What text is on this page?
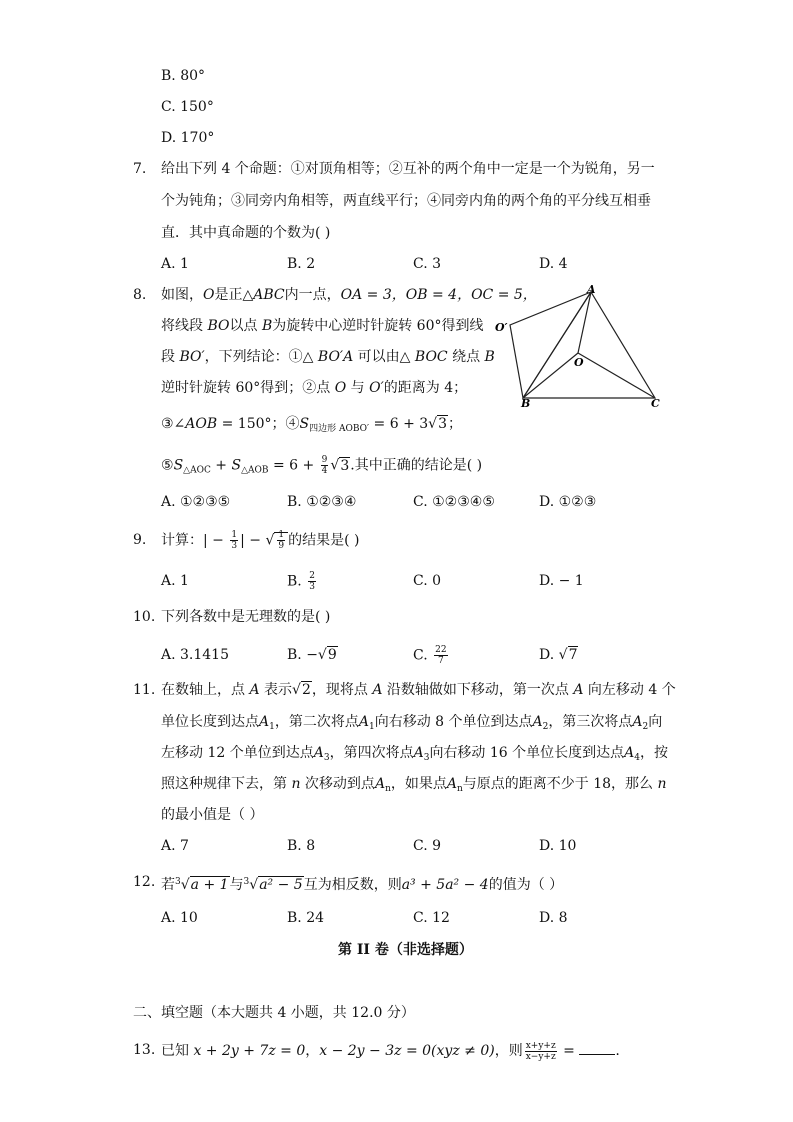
B. 80°
C. 150°
D. 170°
7. 给出下列 4 个命题：①对顶角相等；②互补的两个角中一定是一个为锐角，另一
个为钝角；③同旁内角相等，两直线平行；④同旁内角的两个角的平分线互相垂
直．其中真命题的个数为( )
A. 1	B. 2	C. 3	D. 4
8. 如图，O是正△ABC内一点，OA = 3，OB = 4，OC = 5，
将线段 BO以点 B为旋转中心逆时针旋转 60°得到线
段 BO′，下列结论：①△ BO′A 可以由△ BOC 绕点 B
逆时针旋转 60°得到；②点 O 与 O′的距离为 4；
③∠AOB = 150°；$④S_{四边形 AOBO'} = 6 + 3√3$；
$⑤S_{\triangle AOC} + S_{\triangle AOB} = 6 + \frac{9}{4} √3$.其中正确的结论是( )
A. ①②③⑤	B. ①②③④	C. ①②③④⑤	D. ①②③
A
O′
O
B	C
9. 计算：| − $\frac{1}{3}$ | − √ $\frac{1}{9}$ 的结果是( )
A. 1	B. $\frac{2}{3}$	C. 0	D. − 1
10. 下列各数中是无理数的是( )
A. 3.1415	B. −√9	C. $\frac{22}{7}$	D. √7
11. 在数轴上，点 A 表示√2，现将点 A 沿数轴做如下移动，第一次点 A 向左移动 4 个
单位长度到达点$A_1$，第二次将点$A_1$向右移动 8 个单位到达点$A_2$，第三次将点$A_2$向
左移动 12 个单位到达点$A_3$，第四次将点$A_3$向右移动 16 个单位长度到达点$A_4$，按
照这种规律下去，第 n 次移动到点$A_n$，如果点$A_n$与原点的距离不少于 18，那么 n
的最小值是（ ）
A. 7	B. 8	C. 9	D. 10
12. 若$^3$√a + 1与$^3$√a² − 5互为相反数，则a³ + 5a² − 4的值为（ ）
A. 10	B. 24	C. 12	D. 8
第 II 卷（非选择题）
二、填空题（本大题共 4 小题，共 12.0 分）
13. 已知 x + 2y + 7z = 0，x − 2y − 3z = 0(xyz ≠ 0)，则 $\frac{x+y+z}{x-y+z}$ =	.
